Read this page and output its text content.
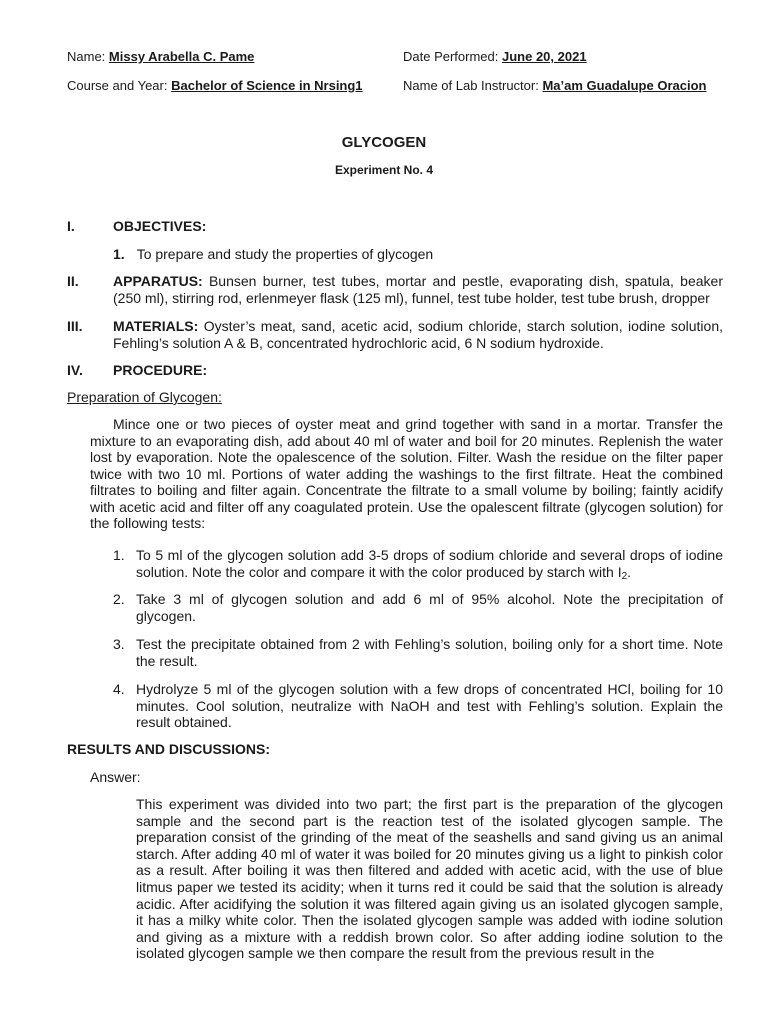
Name: Missy Arabella C. Pame	Date Performed: June 20, 2021
Course and Year: Bachelor of Science in Nrsing1	Name of Lab Instructor: Ma’am Guadalupe Oracion
GLYCOGEN
Experiment No. 4
I.	OBJECTIVES:
1. To prepare and study the properties of glycogen
II. APPARATUS: Bunsen burner, test tubes, mortar and pestle, evaporating dish, spatula, beaker (250 ml), stirring rod, erlenmeyer flask (125 ml), funnel, test tube holder, test tube brush, dropper
III. MATERIALS: Oyster’s meat, sand, acetic acid, sodium chloride, starch solution, iodine solution, Fehling’s solution A & B, concentrated hydrochloric acid, 6 N sodium hydroxide.
IV. PROCEDURE:
Preparation of Glycogen:
Mince one or two pieces of oyster meat and grind together with sand in a mortar. Transfer the mixture to an evaporating dish, add about 40 ml of water and boil for 20 minutes. Replenish the water lost by evaporation. Note the opalescence of the solution. Filter. Wash the residue on the filter paper twice with two 10 ml. Portions of water adding the washings to the first filtrate. Heat the combined filtrates to boiling and filter again. Concentrate the filtrate to a small volume by boiling; faintly acidify with acetic acid and filter off any coagulated protein. Use the opalescent filtrate (glycogen solution) for the following tests:
1. To 5 ml of the glycogen solution add 3-5 drops of sodium chloride and several drops of iodine solution. Note the color and compare it with the color produced by starch with $I_2$.
2. Take 3 ml of glycogen solution and add 6 ml of 95% alcohol. Note the precipitation of glycogen.
3. Test the precipitate obtained from 2 with Fehling’s solution, boiling only for a short time. Note the result.
4. Hydrolyze 5 ml of the glycogen solution with a few drops of concentrated HCl, boiling for 10 minutes. Cool solution, neutralize with NaOH and test with Fehling’s solution. Explain the result obtained.
RESULTS AND DISCUSSIONS:
Answer:
This experiment was divided into two part; the first part is the preparation of the glycogen sample and the second part is the reaction test of the isolated glycogen sample. The preparation consist of the grinding of the meat of the seashells and sand giving us an animal starch. After adding 40 ml of water it was boiled for 20 minutes giving us a light to pinkish color as a result. After boiling it was then filtered and added with acetic acid, with the use of blue litmus paper we tested its acidity; when it turns red it could be said that the solution is already acidic. After acidifying the solution it was filtered again giving us an isolated glycogen sample, it has a milky white color. Then the isolated glycogen sample was added with iodine solution and giving as a mixture with a reddish brown color. So after adding iodine solution to the isolated glycogen sample we then compare the result from the previous result in the
